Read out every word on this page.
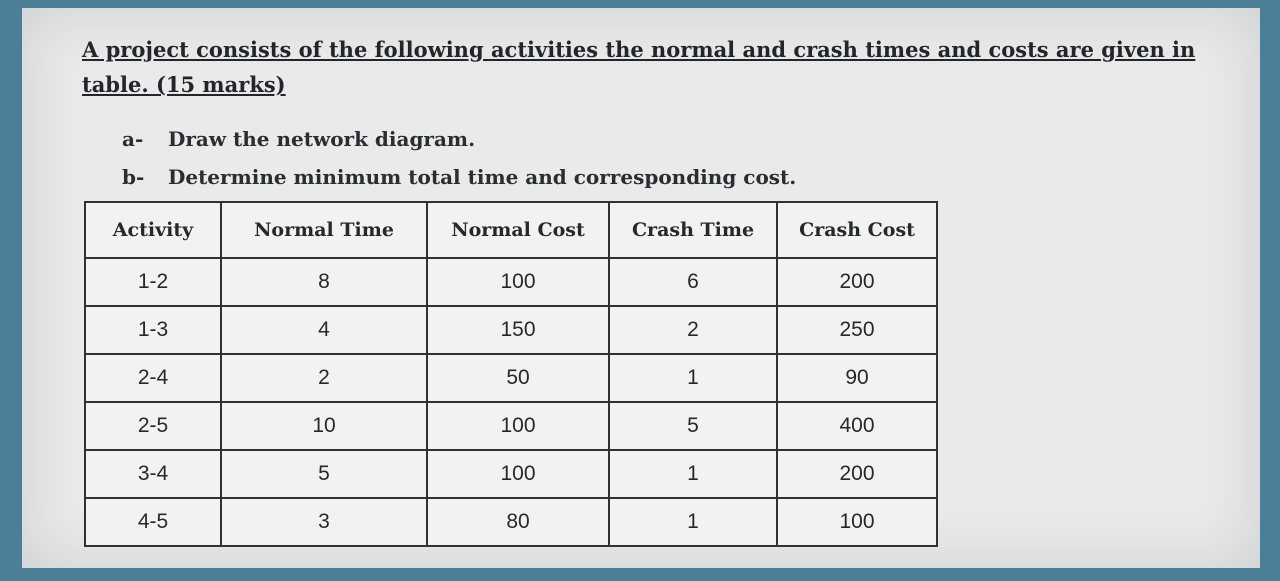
A project consists of the following activities the normal and crash times and costs are given in table. (15 marks)

a-	Draw the network diagram.
b-	Determine minimum total time and corresponding cost.
Activity	Normal Time	Normal Cost	Crash Time	Crash Cost
1-2	8	100	6	200
1-3	4	150	2	250
2-4	2	50	1	90
2-5	10	100	5	400
3-4	5	100	1	200
4-5	3	80	1	100
